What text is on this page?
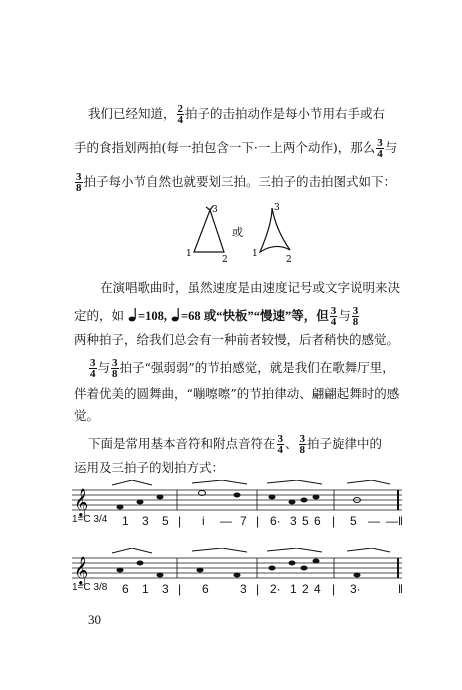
我们已经知道， $\frac{2}{4}$ 拍子的击拍动作是每小节用右手或右
手的食指划两拍(每一拍包含一下·一上两个动作)，那么 $\frac{3}{4}$ 与
$\frac{3}{8}$ 拍子每小节自然也就要划三拍。三拍子的击拍图式如下：
3
1
2
或
3
1
2
在演唱歌曲时，虽然速度是由速度记号或文字说明来决
定的，如 =108, =68 或“快板”“慢速”等，但 $\frac{3}{4}$ 与 $\frac{3}{8}$
两种拍子，给我们总会有一种前者较慢，后者稍快的感觉。
$\frac{3}{4}$ 与 $\frac{3}{8}$ 拍子“强弱弱”的节拍感觉，就是我们在歌舞厅里，
伴着优美的圆舞曲，“嘣嚓嚓”的节拍律动、翩翩起舞时的感
觉。
下面是常用基本音符和附点音符在 $\frac{3}{4}$ 、 $\frac{3}{8}$ 拍子旋律中的
运用及三拍子的划拍方式：
𝄞
1=C 3/4 1 3 5 | i — 7 | 6· 3 5 6 | 5 — — ‖
𝄞
1=C 3/8 6 1 3 | 6	3 | 2· 1 2 4 | 3·	‖
30
